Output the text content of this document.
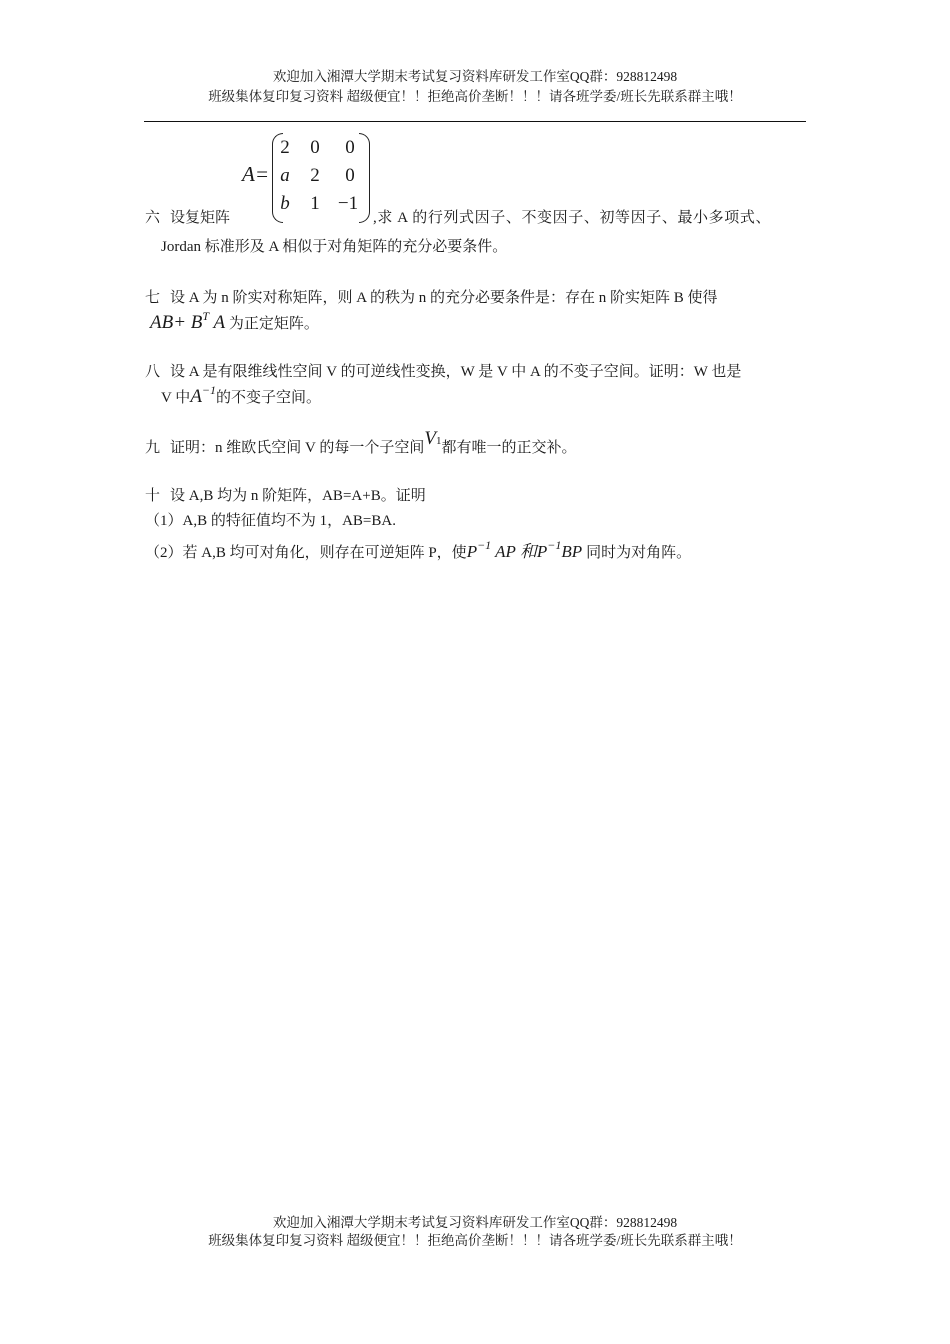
欢迎加入湘潭大学期末考试复习资料库研发工作室QQ群：928812498
班级集体复印复习资料 超级便宜！！拒绝高价垄断！！！请各班学委/班长先联系群主哦！
A=
2	0	0
a	2	0
b	1 −1
六 设复矩阵	,求 A 的行列式因子、不变因子、初等因子、最小多项式、
Jordan 标准形及 A 相似于对角矩阵的充分必要条件。
七 设 A 为 n 阶实对称矩阵，则 A 的秩为 n 的充分必要条件是：存在 n 阶实矩阵 B 使得
$AB+ B^T$ A 为正定矩阵。
八 设 A 是有限维线性空间 V 的可逆线性变换，W 是 V 中 A 的不变子空间。证明：W 也是
V 中$A^{-1}$的不变子空间。
九 证明：n 维欧氏空间 V 的每一个子空间V1都有唯一的正交补。
十 设 A,B 均为 n 阶矩阵，AB=A+B。证明
（1）A,B 的特征值均不为 1，AB=BA.
（2）若 A,B 均可对角化，则存在可逆矩阵 P，使$P^{-1}$ AP 和$P^{-1}BP$ 同时为对角阵。
欢迎加入湘潭大学期末考试复习资料库研发工作室QQ群：928812498
班级集体复印复习资料 超级便宜！！拒绝高价垄断！！！请各班学委/班长先联系群主哦！
